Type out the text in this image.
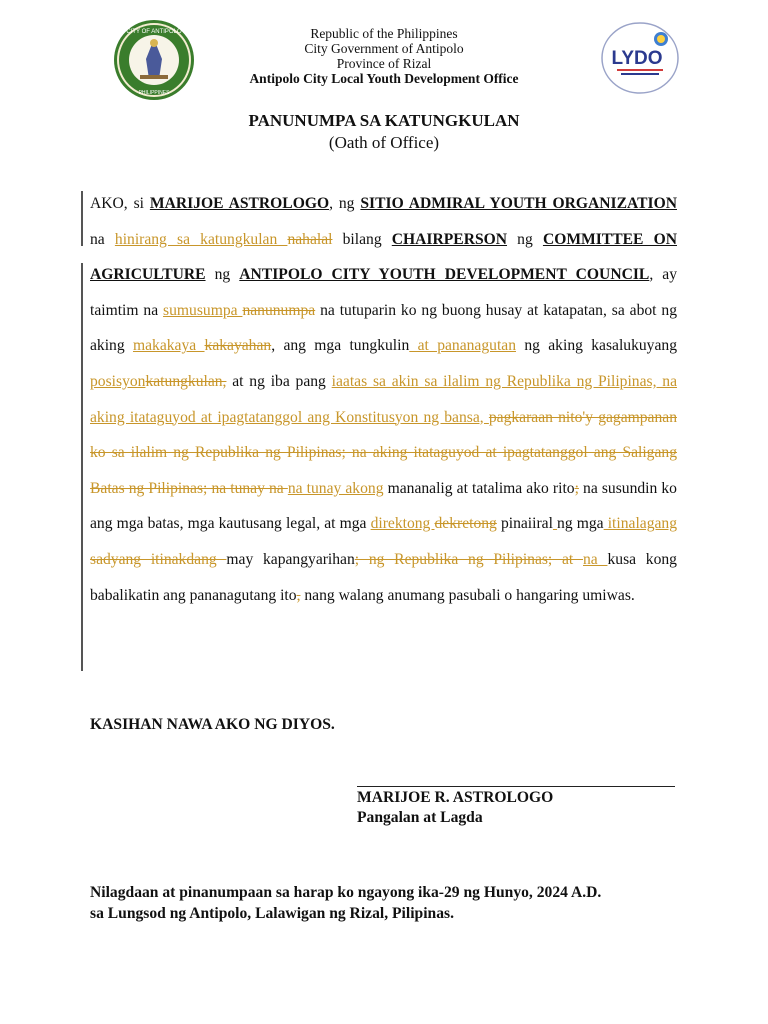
CITY OF ANTIPOLO
PHILIPPINES
LYDO
Republic of the Philippines
City Government of Antipolo
Province of Rizal
Antipolo City Local Youth Development Office
PANUNUMPA SA KATUNGKULAN
(Oath of Office)
AKO, si MARIJOE ASTROLOGO, ng SITIO ADMIRAL YOUTH ORGANIZATION na hinirang sa katungkulan nahalal bilang CHAIRPERSON ng COMMITTEE ON AGRICULTURE ng ANTIPOLO CITY YOUTH DEVELOPMENT COUNCIL, ay taimtim na sumusumpa nanunumpa na tutuparin ko ng buong husay at katapatan, sa abot ng aking makakaya kakayahan, ang mga tungkulin at pananagutan ng aking kasalukuyang posisyonkatungkulan, at ng iba pang iaatas sa akin sa ilalim ng Republika ng Pilipinas, na aking itataguyod at ipagtatanggol ang Konstitusyon ng bansa, pagkaraan nito'y gagampanan ko sa ilalim ng Republika ng Pilipinas; na aking itataguyod at ipagtatanggol ang Saligang Batas ng Pilipinas; na tunay na na tunay akong mananalig at tatalima ako rito; na susundin ko ang mga batas, mga kautusang legal, at mga direktong dekretong pinaiiral ng mga itinalagang sadyang itinakdang may kapangyarihan; ng Republika ng Pilipinas; at na kusa kong babalikatin ang pananagutang ito, nang walang anumang pasubali o hangaring umiwas.
KASIHAN NAWA AKO NG DIYOS.
MARIJOE R. ASTROLOGO
Pangalan at Lagda
Nilagdaan at pinanumpaan sa harap ko ngayong ika-29 ng Hunyo, 2024 A.D.
sa Lungsod ng Antipolo, Lalawigan ng Rizal, Pilipinas.
